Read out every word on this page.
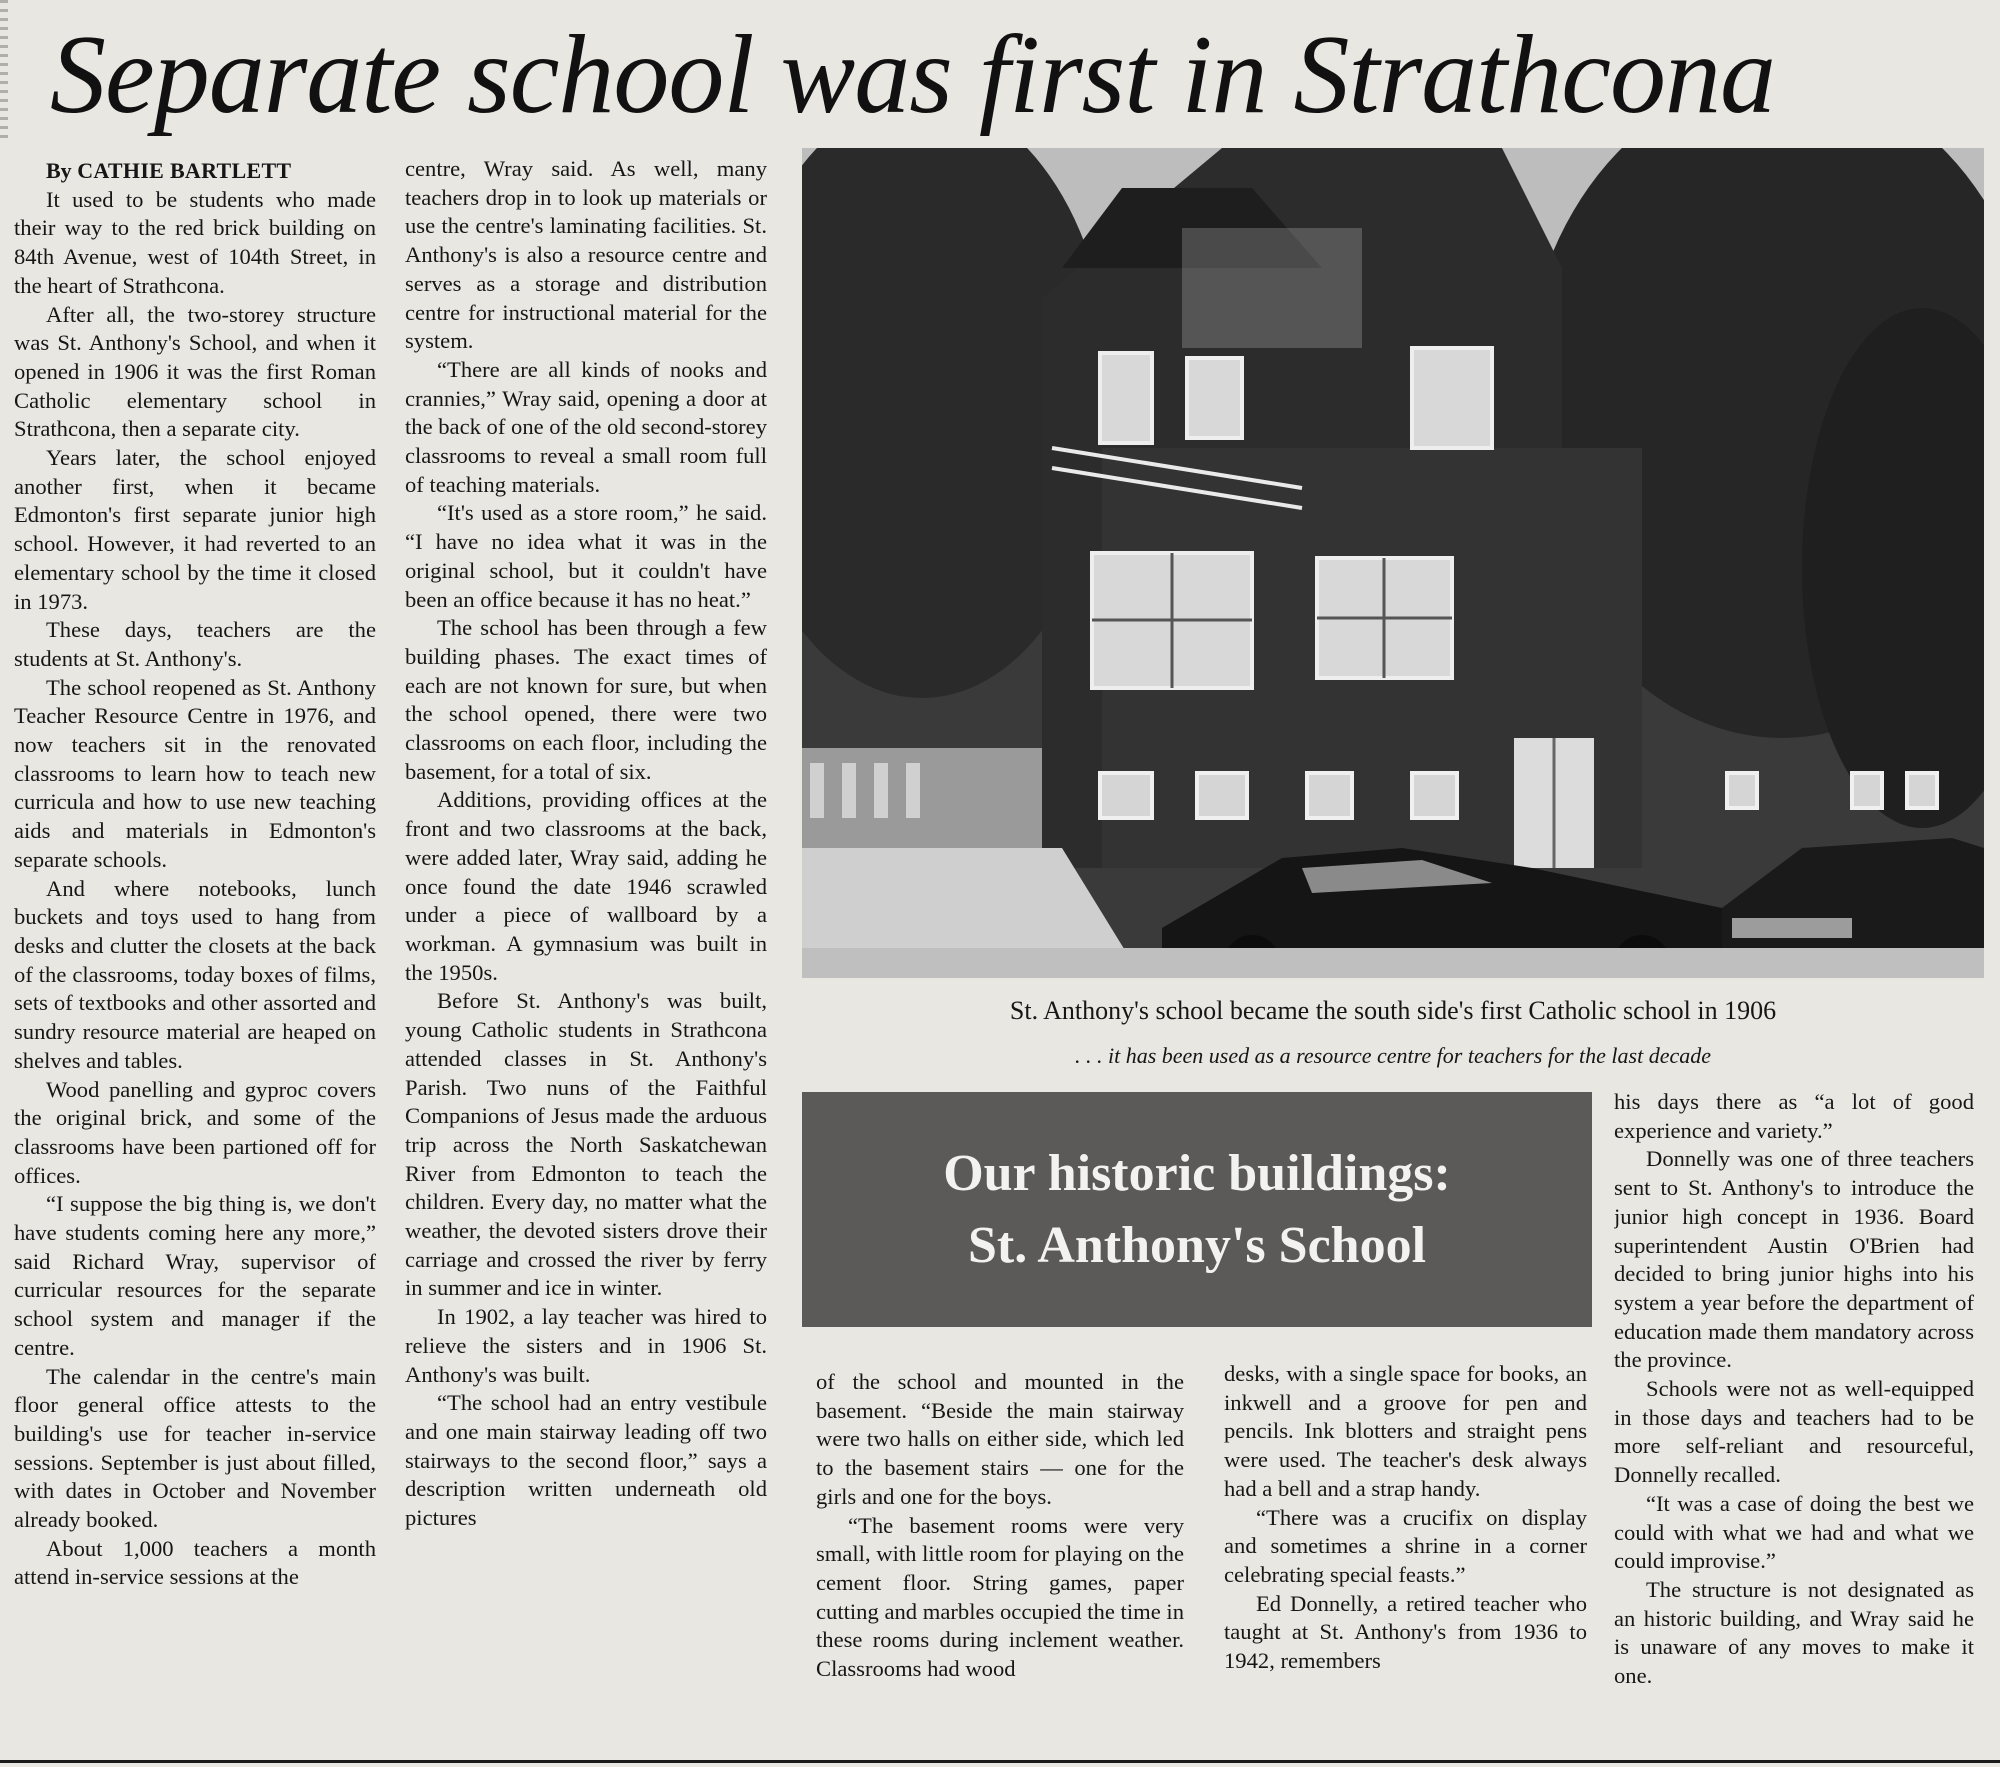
Separate school was first in Strathcona
By CATHIE BARTLETT

It used to be students who made their way to the red brick building on 84th Avenue, west of 104th Street, in the heart of Strathcona.

After all, the two-storey structure was St. Anthony's School, and when it opened in 1906 it was the first Roman Catholic elementary school in Strathcona, then a separate city.

Years later, the school enjoyed another first, when it became Edmonton's first separate junior high school. However, it had reverted to an elementary school by the time it closed in 1973.

These days, teachers are the students at St. Anthony's.

The school reopened as St. Anthony Teacher Resource Centre in 1976, and now teachers sit in the renovated classrooms to learn how to teach new curricula and how to use new teaching aids and materials in Edmonton's separate schools.

And where notebooks, lunch buckets and toys used to hang from desks and clutter the closets at the back of the classrooms, today boxes of films, sets of textbooks and other assorted and sundry resource material are heaped on shelves and tables.

Wood panelling and gyproc covers the original brick, and some of the classrooms have been partioned off for offices.

“I suppose the big thing is, we don't have students coming here any more,” said Richard Wray, supervisor of curricular resources for the separate school system and manager if the centre.

The calendar in the centre's main floor general office attests to the building's use for teacher in-service sessions. September is just about filled, with dates in October and November already booked.

About 1,000 teachers a month attend in-service sessions at the

centre, Wray said. As well, many teachers drop in to look up materials or use the centre's laminating facilities. St. Anthony's is also a resource centre and serves as a storage and distribution centre for instructional material for the system.

“There are all kinds of nooks and crannies,” Wray said, opening a door at the back of one of the old second-storey classrooms to reveal a small room full of teaching materials.

“It's used as a store room,” he said. “I have no idea what it was in the original school, but it couldn't have been an office because it has no heat.”

The school has been through a few building phases. The exact times of each are not known for sure, but when the school opened, there were two classrooms on each floor, including the basement, for a total of six.

Additions, providing offices at the front and two classrooms at the back, were added later, Wray said, adding he once found the date 1946 scrawled under a piece of wallboard by a workman. A gymnasium was built in the 1950s.

Before St. Anthony's was built, young Catholic students in Strathcona attended classes in St. Anthony's Parish. Two nuns of the Faithful Companions of Jesus made the arduous trip across the North Saskatchewan River from Edmonton to teach the children. Every day, no matter what the weather, the devoted sisters drove their carriage and crossed the river by ferry in summer and ice in winter.

In 1902, a lay teacher was hired to relieve the sisters and in 1906 St. Anthony's was built.

“The school had an entry vestibule and one main stairway leading off two stairways to the second floor,” says a description written underneath old pictures

St. Anthony's school became the south side's first Catholic school in 1906
. . . it has been used as a resource centre for teachers for the last decade
Our historic buildings:
St. Anthony's School

of the school and mounted in the basement. “Beside the main stairway were two halls on either side, which led to the basement stairs — one for the girls and one for the boys.

“The basement rooms were very small, with little room for playing on the cement floor. String games, paper cutting and marbles occupied the time in these rooms during inclement weather. Classrooms had wood

desks, with a single space for books, an inkwell and a groove for pen and pencils. Ink blotters and straight pens were used. The teacher's desk always had a bell and a strap handy.

“There was a crucifix on display and sometimes a shrine in a corner celebrating special feasts.”

Ed Donnelly, a retired teacher who taught at St. Anthony's from 1936 to 1942, remembers

his days there as “a lot of good experience and variety.”

Donnelly was one of three teachers sent to St. Anthony's to introduce the junior high concept in 1936. Board superintendent Austin O'Brien had decided to bring junior highs into his system a year before the department of education made them mandatory across the province.

Schools were not as well-equipped in those days and teachers had to be more self-reliant and resourceful, Donnelly recalled.

“It was a case of doing the best we could with what we had and what we could improvise.”

The structure is not designated as an historic building, and Wray said he is unaware of any moves to make it one.
